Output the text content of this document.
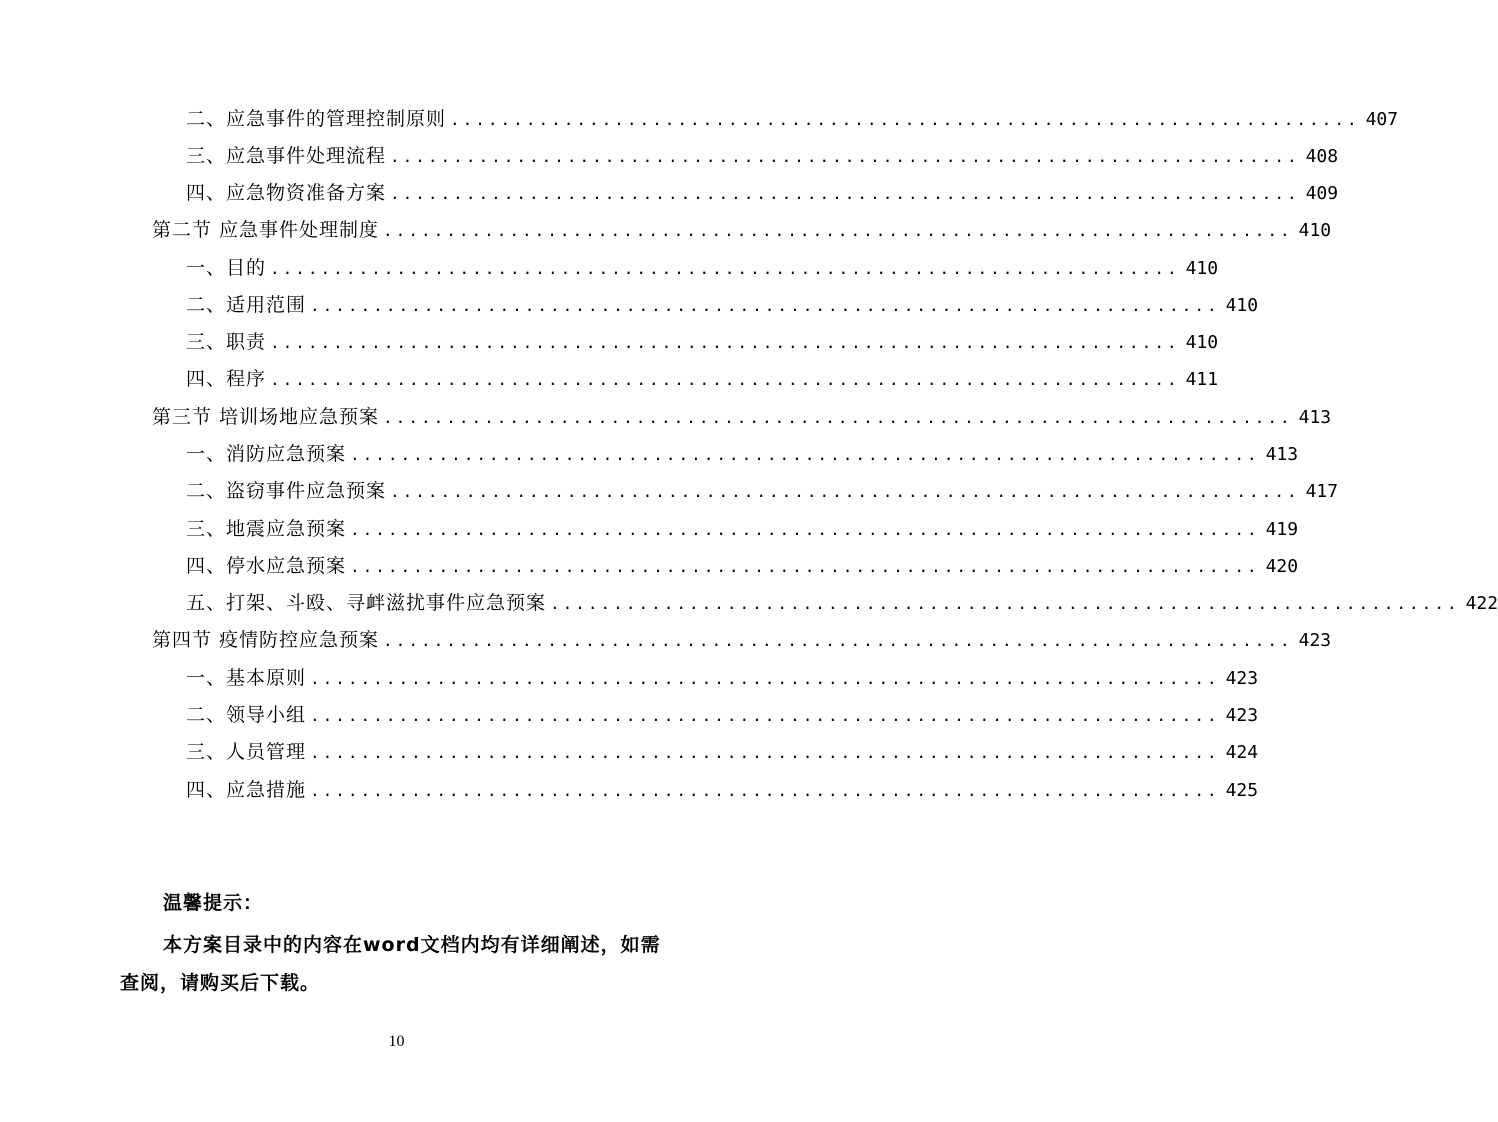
二、应急事件的管理控制原则 ........................................................................ 407
三、应急事件处理流程 ........................................................................ 408
四、应急物资准备方案 ........................................................................ 409
第二节 应急事件处理制度 ........................................................................ 410
一、目的 ........................................................................ 410
二、适用范围 ........................................................................ 410
三、职责 ........................................................................ 410
四、程序 ........................................................................ 411
第三节 培训场地应急预案 ........................................................................ 413
一、消防应急预案 ........................................................................ 413
二、盗窃事件应急预案 ........................................................................ 417
三、地震应急预案 ........................................................................ 419
四、停水应急预案 ........................................................................ 420
五、打架、斗殴、寻衅滋扰事件应急预案 ........................................................................ 422
第四节 疫情防控应急预案 ........................................................................ 423
一、基本原则 ........................................................................ 423
二、领导小组 ........................................................................ 423
三、人员管理 ........................................................................ 424
四、应急措施 ........................................................................ 425
温馨提示：
本方案目录中的内容在word文档内均有详细阐述，如需查阅，请购买后下载。
10
